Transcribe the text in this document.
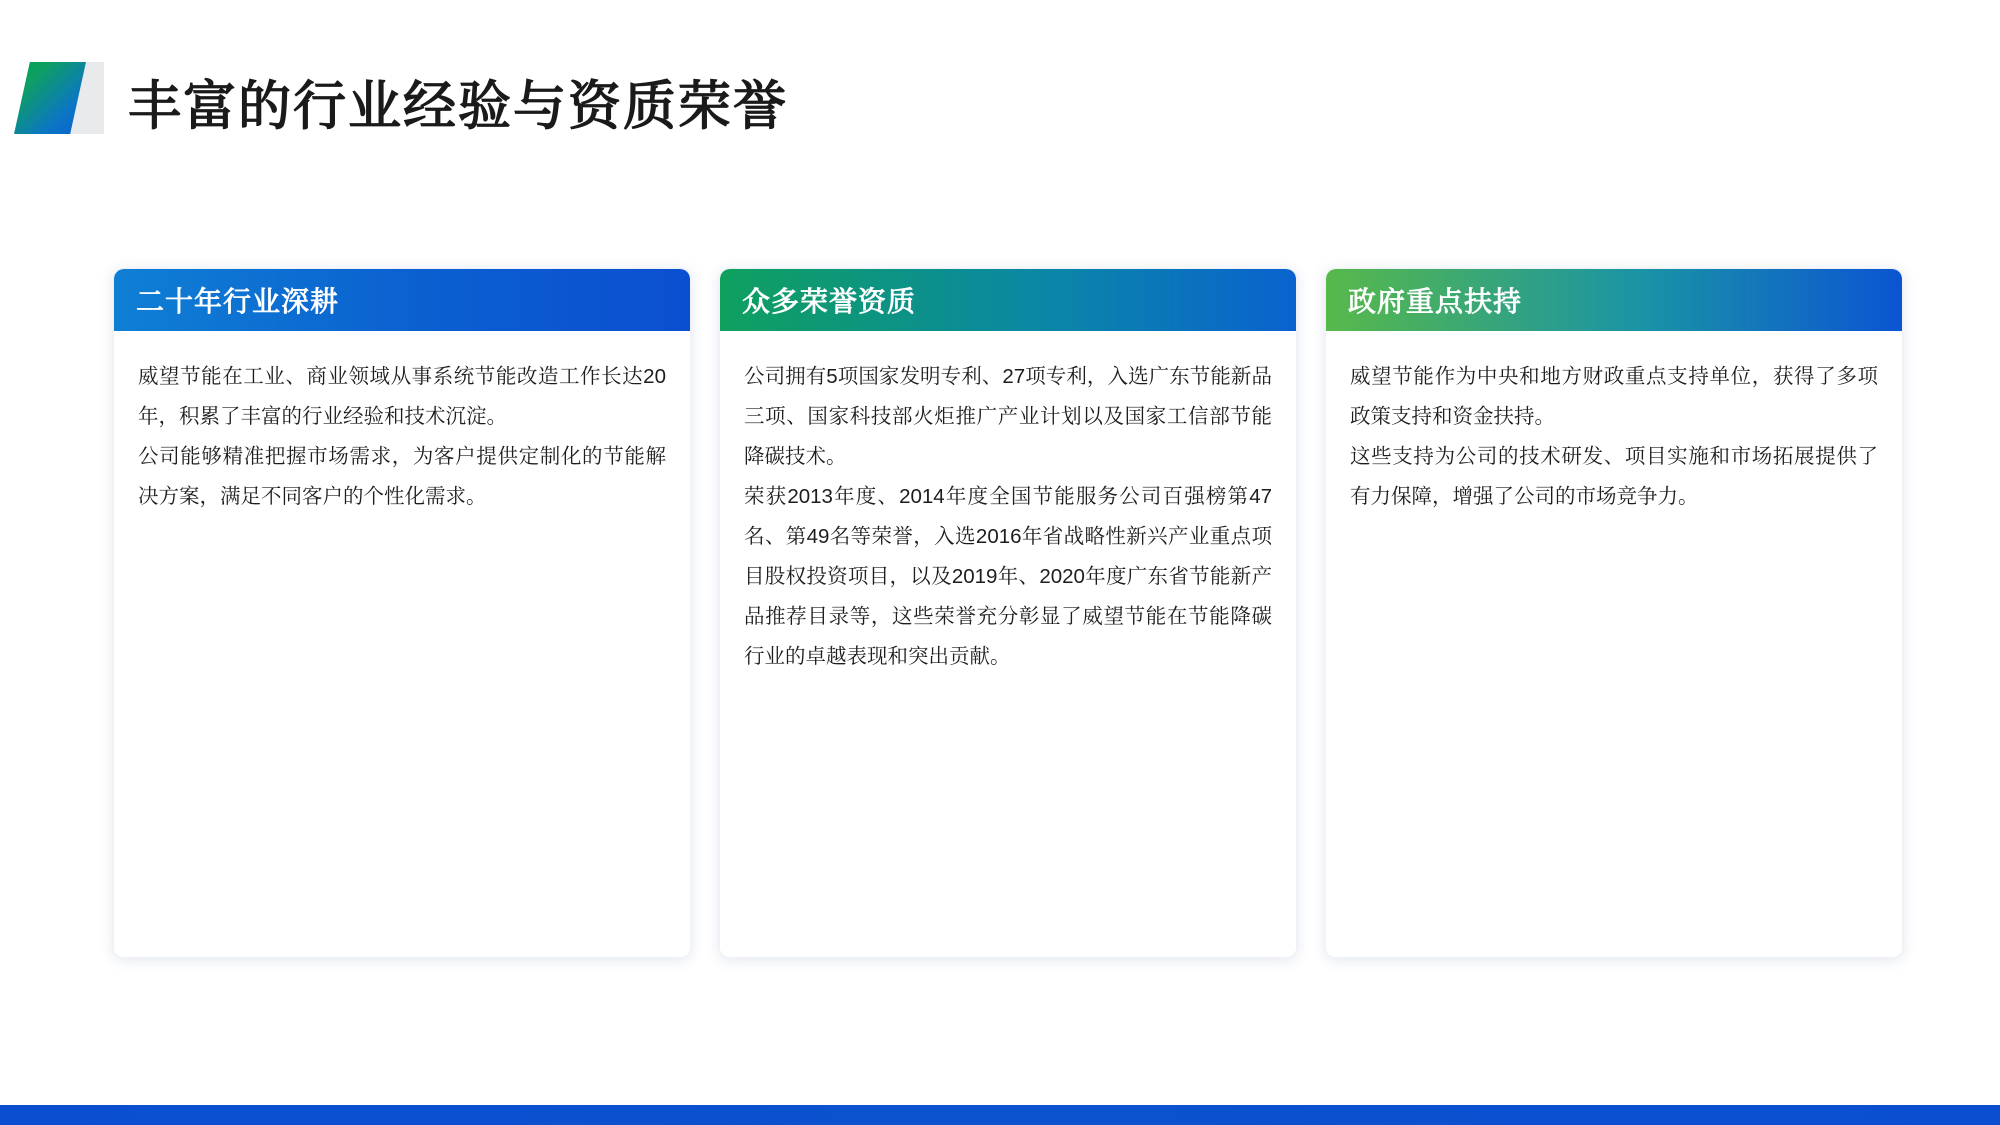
丰富的行业经验与资质荣誉
二十年行业深耕

威望节能在工业、商业领域从事系统节能改造工作长达20年，积累了丰富的行业经验和技术沉淀。

公司能够精准把握市场需求，为客户提供定制化的节能解决方案，满足不同客户的个性化需求。

众多荣誉资质

公司拥有5项国家发明专利、27项专利，入选广东节能新品三项、国家科技部火炬推广产业计划以及国家工信部节能降碳技术。

荣获2013年度、2014年度全国节能服务公司百强榜第47名、第49名等荣誉，入选2016年省战略性新兴产业重点项目股权投资项目，以及2019年、2020年度广东省节能新产品推荐目录等，这些荣誉充分彰显了威望节能在节能降碳行业的卓越表现和突出贡献。

政府重点扶持

威望节能作为中央和地方财政重点支持单位，获得了多项政策支持和资金扶持。

这些支持为公司的技术研发、项目实施和市场拓展提供了有力保障，增强了公司的市场竞争力。
